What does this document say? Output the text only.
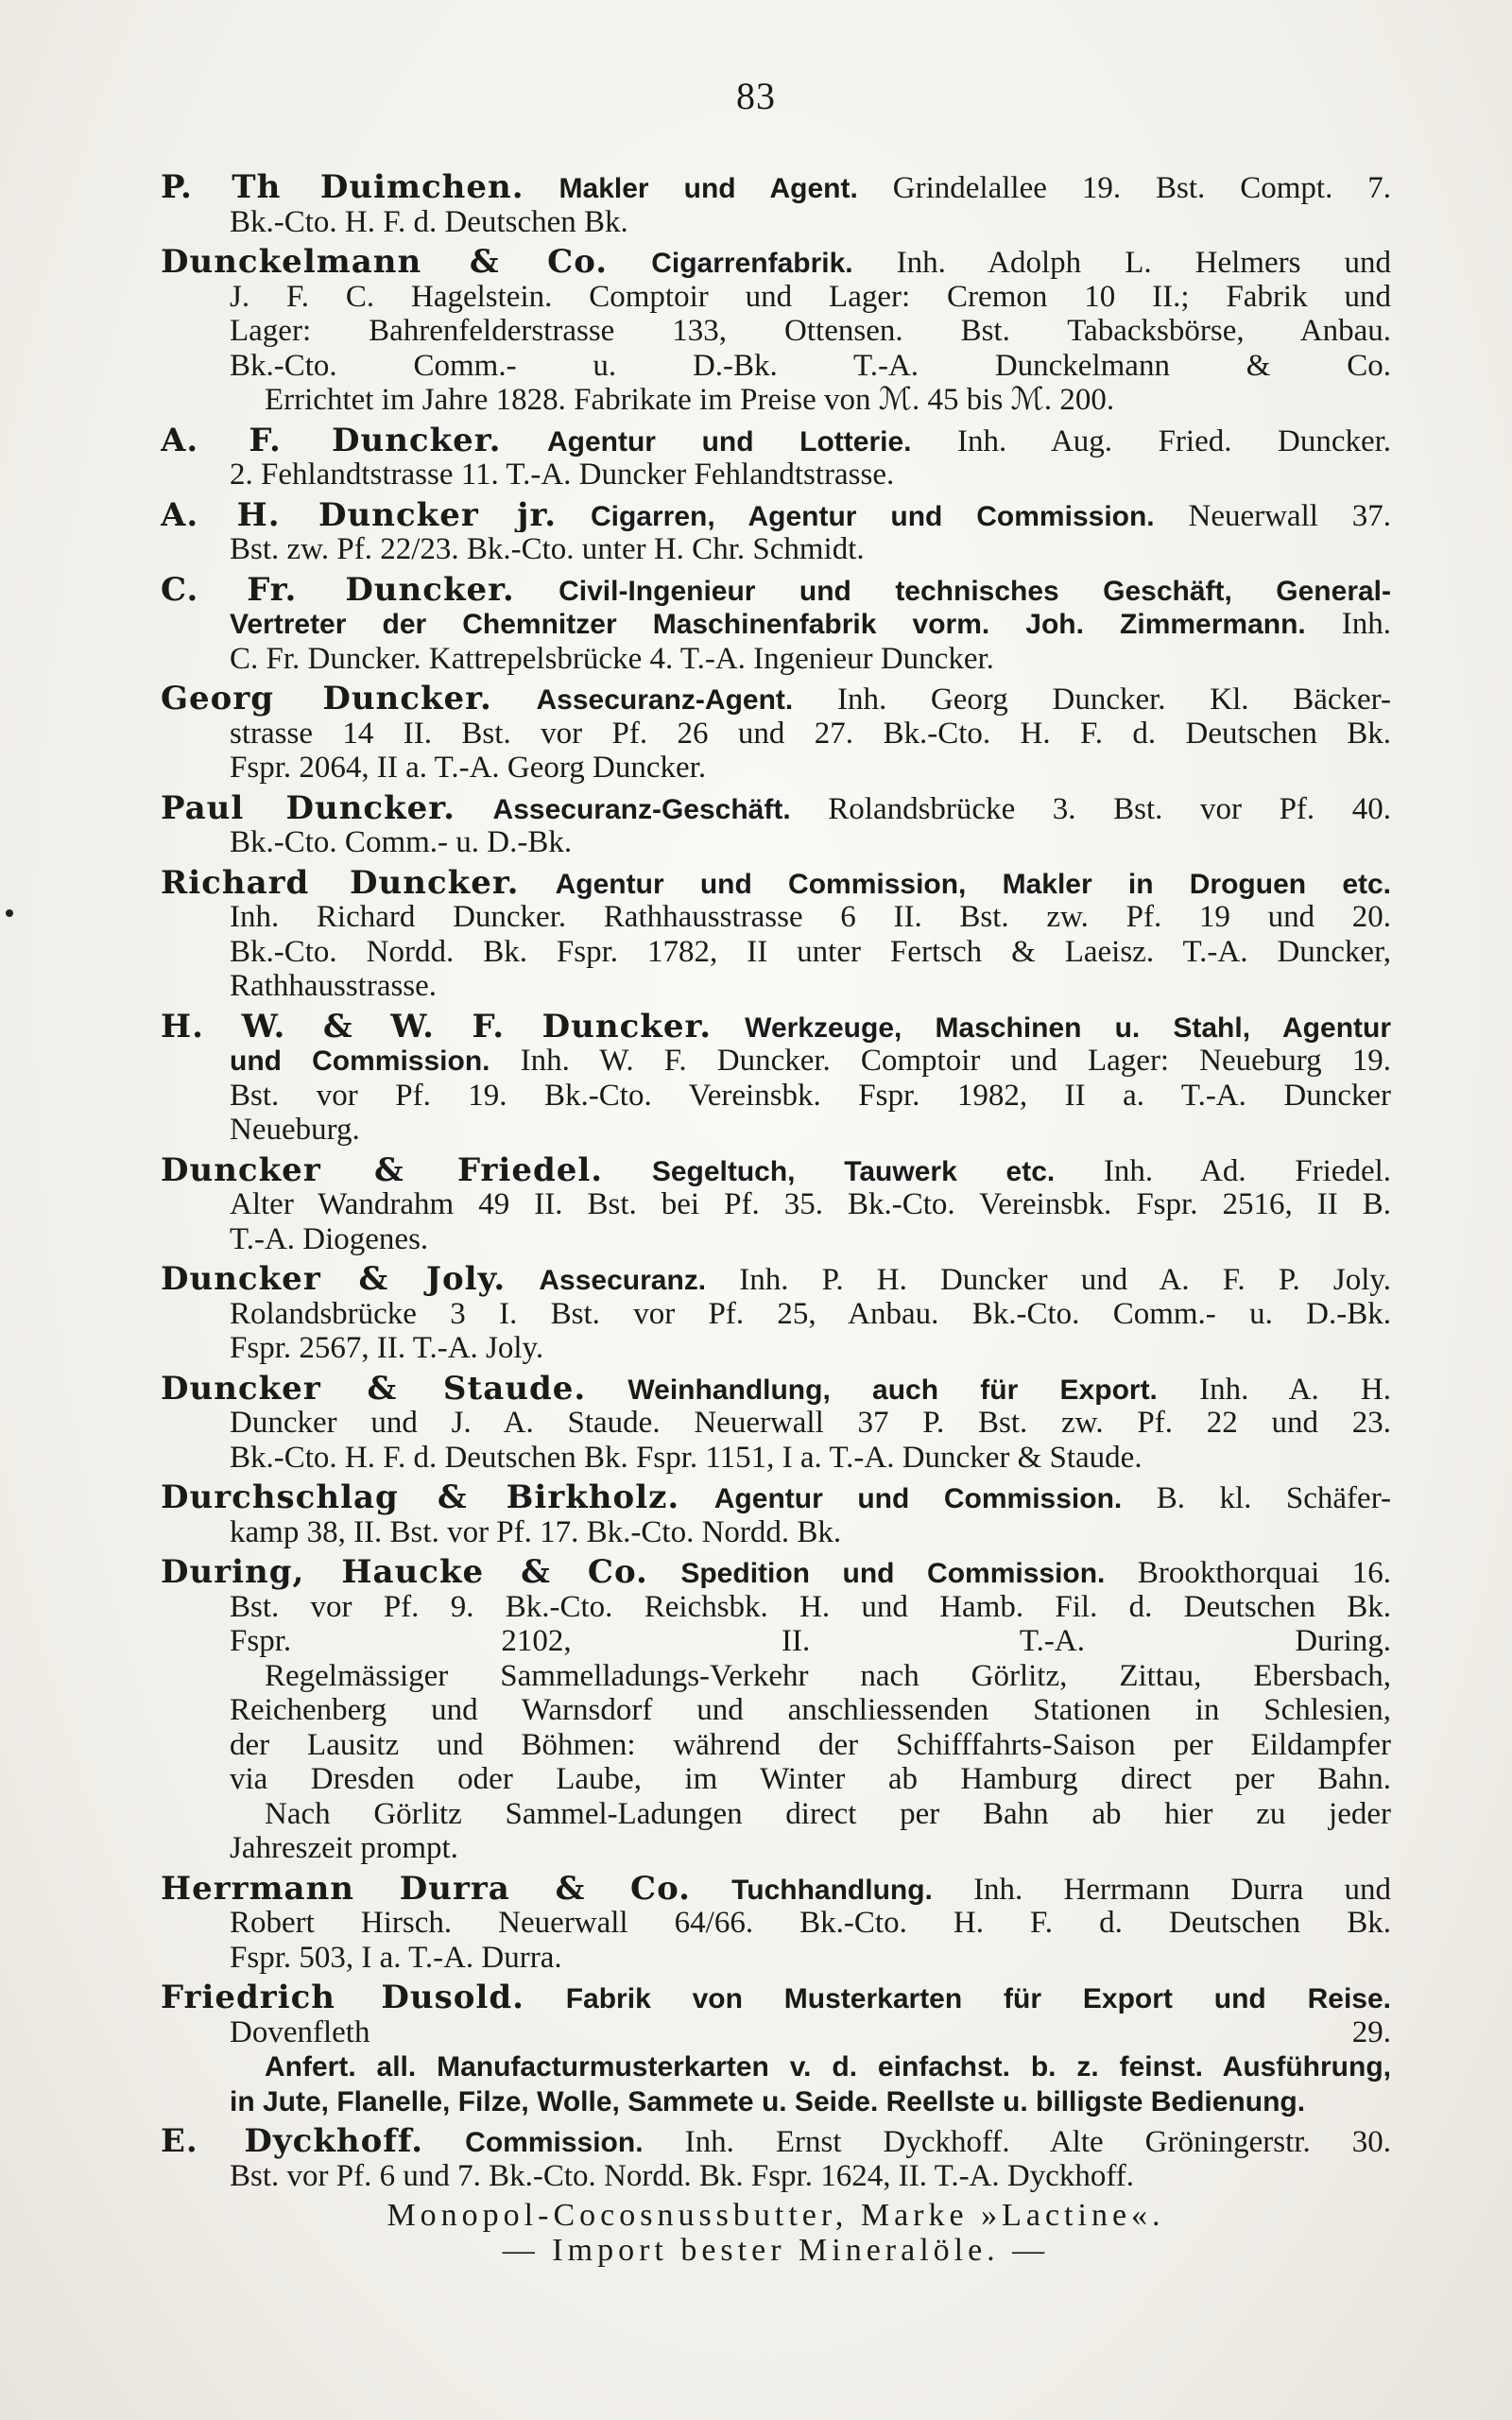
83
P. Th Duimchen. Makler und Agent. Grindelallee 19. Bst. Compt. 7.
Bk.-Cto. H. F. d. Deutschen Bk.
Dunckelmann & Co. Cigarrenfabrik. Inh. Adolph L. Helmers und
J. F. C. Hagelstein. Comptoir und Lager: Cremon 10 II.; Fabrik und
Lager: Bahrenfelderstrasse 133, Ottensen. Bst. Tabacksbörse, Anbau.
Bk.-Cto. Comm.- u. D.-Bk. T.-A. Dunckelmann & Co.
Errichtet im Jahre 1828. Fabrikate im Preise von ℳ. 45 bis ℳ. 200.
A. F. Duncker. Agentur und Lotterie. Inh. Aug. Fried. Duncker.
2. Fehlandtstrasse 11. T.-A. Duncker Fehlandtstrasse.
A. H. Duncker jr. Cigarren, Agentur und Commission. Neuerwall 37.
Bst. zw. Pf. 22/23. Bk.-Cto. unter H. Chr. Schmidt.
C. Fr. Duncker. Civil-Ingenieur und technisches Geschäft, General-
Vertreter der Chemnitzer Maschinenfabrik vorm. Joh. Zimmermann. Inh.
C. Fr. Duncker. Kattrepelsbrücke 4. T.-A. Ingenieur Duncker.
Georg Duncker. Assecuranz-Agent. Inh. Georg Duncker. Kl. Bäcker-
strasse 14 II. Bst. vor Pf. 26 und 27. Bk.-Cto. H. F. d. Deutschen Bk.
Fspr. 2064, II a. T.-A. Georg Duncker.
Paul Duncker. Assecuranz-Geschäft. Rolandsbrücke 3. Bst. vor Pf. 40.
Bk.-Cto. Comm.- u. D.-Bk.
Richard Duncker. Agentur und Commission, Makler in Droguen etc.
Inh. Richard Duncker. Rathhausstrasse 6 II. Bst. zw. Pf. 19 und 20.
Bk.-Cto. Nordd. Bk. Fspr. 1782, II unter Fertsch & Laeisz. T.-A. Duncker,
Rathhausstrasse.
H. W. & W. F. Duncker. Werkzeuge, Maschinen u. Stahl, Agentur
und Commission. Inh. W. F. Duncker. Comptoir und Lager: Neueburg 19.
Bst. vor Pf. 19. Bk.-Cto. Vereinsbk. Fspr. 1982, II a. T.-A. Duncker
Neueburg.
Duncker & Friedel. Segeltuch, Tauwerk etc. Inh. Ad. Friedel.
Alter Wandrahm 49 II. Bst. bei Pf. 35. Bk.-Cto. Vereinsbk. Fspr. 2516, II B.
T.-A. Diogenes.
Duncker & Joly. Assecuranz. Inh. P. H. Duncker und A. F. P. Joly.
Rolandsbrücke 3 I. Bst. vor Pf. 25, Anbau. Bk.-Cto. Comm.- u. D.-Bk.
Fspr. 2567, II. T.-A. Joly.
Duncker & Staude. Weinhandlung, auch für Export. Inh. A. H.
Duncker und J. A. Staude. Neuerwall 37 P. Bst. zw. Pf. 22 und 23.
Bk.-Cto. H. F. d. Deutschen Bk. Fspr. 1151, I a. T.-A. Duncker & Staude.
Durchschlag & Birkholz. Agentur und Commission. B. kl. Schäfer-
kamp 38, II. Bst. vor Pf. 17. Bk.-Cto. Nordd. Bk.
During, Haucke & Co. Spedition und Commission. Brookthorquai 16.
Bst. vor Pf. 9. Bk.-Cto. Reichsbk. H. und Hamb. Fil. d. Deutschen Bk.
Fspr. 2102, II. T.-A. During.
Regelmässiger Sammelladungs-Verkehr nach Görlitz, Zittau, Ebersbach,
Reichenberg und Warnsdorf und anschliessenden Stationen in Schlesien,
der Lausitz und Böhmen: während der Schifffahrts-Saison per Eildampfer
via Dresden oder Laube, im Winter ab Hamburg direct per Bahn.
Nach Görlitz Sammel-Ladungen direct per Bahn ab hier zu jeder
Jahreszeit prompt.
Herrmann Durra & Co. Tuchhandlung. Inh. Herrmann Durra und
Robert Hirsch. Neuerwall 64/66. Bk.-Cto. H. F. d. Deutschen Bk.
Fspr. 503, I a. T.-A. Durra.
Friedrich Dusold. Fabrik von Musterkarten für Export und Reise.
Dovenfleth 29.
Anfert. all. Manufacturmusterkarten v. d. einfachst. b. z. feinst. Ausführung,
in Jute, Flanelle, Filze, Wolle, Sammete u. Seide. Reellste u. billigste Bedienung.
E. Dyckhoff. Commission. Inh. Ernst Dyckhoff. Alte Gröningerstr. 30.
Bst. vor Pf. 6 und 7. Bk.-Cto. Nordd. Bk. Fspr. 1624, II. T.-A. Dyckhoff.
Monopol-Cocosnussbutter, Marke »Lactine«.
— Import bester Mineralöle. —
